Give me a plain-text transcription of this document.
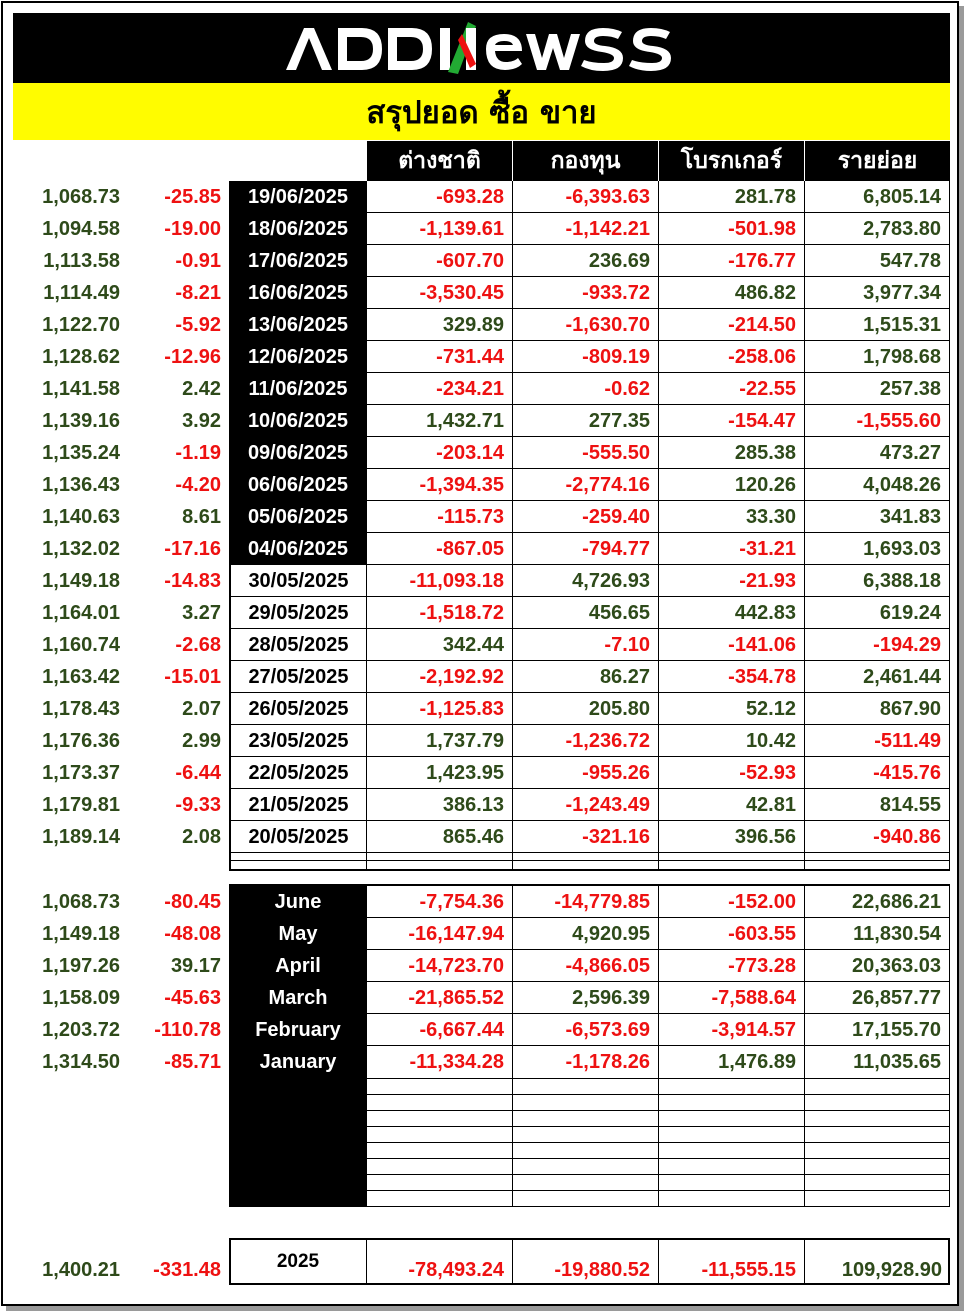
สรุปยอด ซื้อ ขาย
ต่างชาติ	กองทุน	โบรกเกอร์	รายย่อย
1,068.73	-25.85	19/06/2025	-693.28	-6,393.63	281.78	6,805.14
1,094.58	-19.00	18/06/2025	-1,139.61	-1,142.21	-501.98	2,783.80
1,113.58	-0.91	17/06/2025	-607.70	236.69	-176.77	547.78
1,114.49	-8.21	16/06/2025	-3,530.45	-933.72	486.82	3,977.34
1,122.70	-5.92	13/06/2025	329.89	-1,630.70	-214.50	1,515.31
1,128.62	-12.96	12/06/2025	-731.44	-809.19	-258.06	1,798.68
1,141.58	2.42	11/06/2025	-234.21	-0.62	-22.55	257.38
1,139.16	3.92	10/06/2025	1,432.71	277.35	-154.47	-1,555.60
1,135.24	-1.19	09/06/2025	-203.14	-555.50	285.38	473.27
1,136.43	-4.20	06/06/2025	-1,394.35	-2,774.16	120.26	4,048.26
1,140.63	8.61	05/06/2025	-115.73	-259.40	33.30	341.83
1,132.02	-17.16	04/06/2025	-867.05	-794.77	-31.21	1,693.03
1,149.18	-14.83	30/05/2025	-11,093.18	4,726.93	-21.93	6,388.18
1,164.01	3.27	29/05/2025	-1,518.72	456.65	442.83	619.24
1,160.74	-2.68	28/05/2025	342.44	-7.10	-141.06	-194.29
1,163.42	-15.01	27/05/2025	-2,192.92	86.27	-354.78	2,461.44
1,178.43	2.07	26/05/2025	-1,125.83	205.80	52.12	867.90
1,176.36	2.99	23/05/2025	1,737.79	-1,236.72	10.42	-511.49
1,173.37	-6.44	22/05/2025	1,423.95	-955.26	-52.93	-415.76
1,179.81	-9.33	21/05/2025	386.13	-1,243.49	42.81	814.55
1,189.14	2.08	20/05/2025	865.46	-321.16	396.56	-940.86
1,068.73	-80.45	June	-7,754.36	-14,779.85	-152.00	22,686.21
1,149.18	-48.08	May	-16,147.94	4,920.95	-603.55	11,830.54
1,197.26	39.17	April	-14,723.70	-4,866.05	-773.28	20,363.03
1,158.09	-45.63	March	-21,865.52	2,596.39	-7,588.64	26,857.77
1,203.72	-110.78	February	-6,667.44	-6,573.69	-3,914.57	17,155.70
1,314.50	-85.71	January	-11,334.28	-1,178.26	1,476.89	11,035.65
1,400.21	-331.48	2025	-78,493.24	-19,880.52	-11,555.15	109,928.90
